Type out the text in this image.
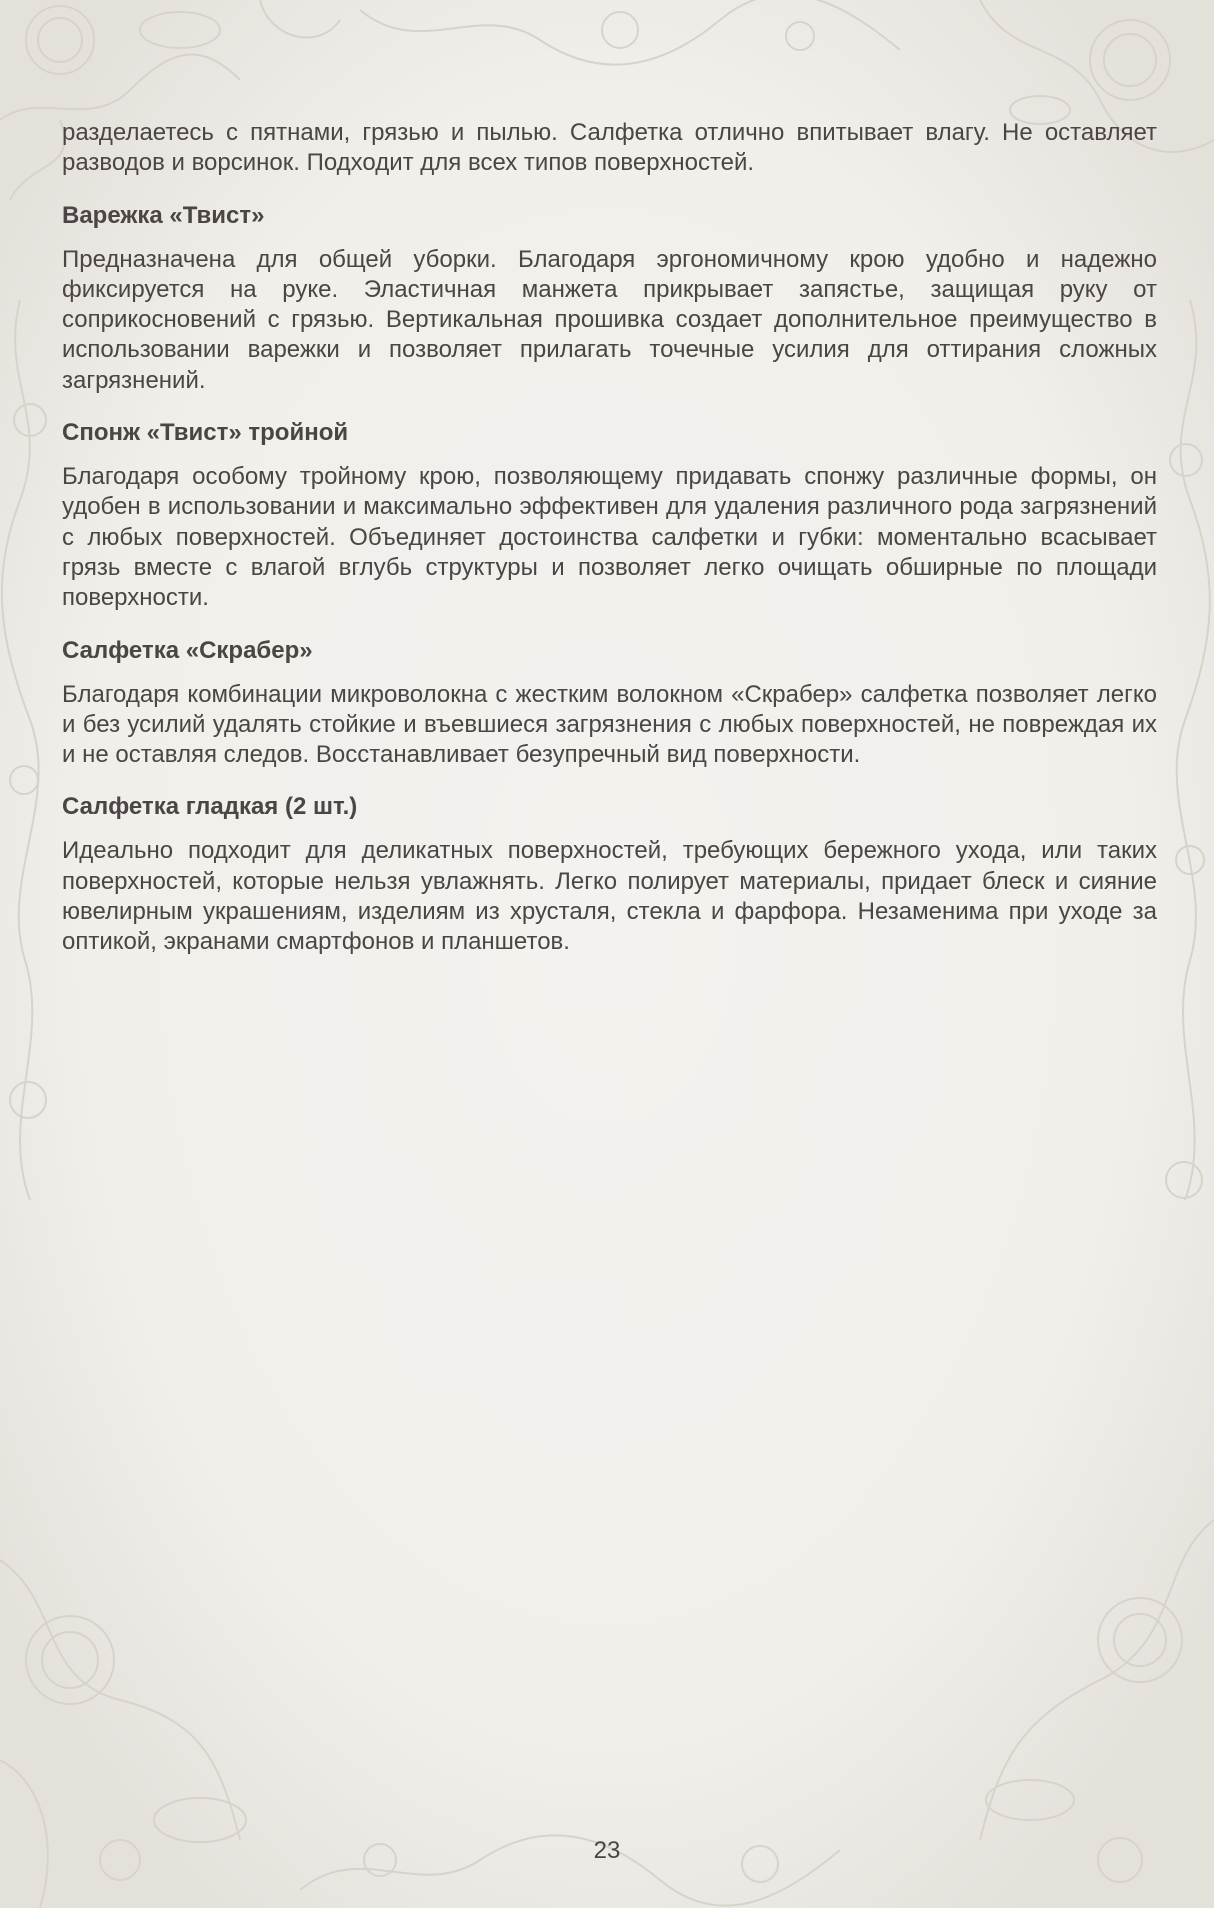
разделаетесь с пятнами, грязью и пылью. Салфетка отлично впитывает влагу. Не оставляет разводов и ворсинок. Подходит для всех типов поверхностей.

Варежка «Твист»

Предназначена для общей уборки. Благодаря эргономичному крою удобно и надежно фиксируется на руке. Эластичная манжета прикрывает запястье, защищая руку от соприкосновений с грязью. Вертикальная прошивка создает дополнительное преимущество в использовании варежки и позволяет прилагать точечные усилия для оттирания сложных загрязнений.

Спонж «Твист» тройной

Благодаря особому тройному крою, позволяющему придавать спонжу различные формы, он удобен в использовании и максимально эффективен для удаления различного рода загрязнений с любых поверхностей. Объединяет достоинства салфетки и губки: моментально всасывает грязь вместе с влагой вглубь структуры и позволяет легко очищать обширные по площади поверхности.

Салфетка «Скрабер»

Благодаря комбинации микроволокна с жестким волокном «Скрабер» салфетка позволяет легко и без усилий удалять стойкие и въевшиеся загрязнения с любых поверхностей, не повреждая их и не оставляя следов. Восстанавливает безупречный вид поверхности.

Салфетка гладкая (2 шт.)

Идеально подходит для деликатных поверхностей, требующих бережного ухода, или таких поверхностей, которые нельзя увлажнять. Легко полирует материалы, придает блеск и сияние ювелирным украшениям, изделиям из хрусталя, стекла и фарфора. Незаменима при уходе за оптикой, экранами смартфонов и планшетов.

23
